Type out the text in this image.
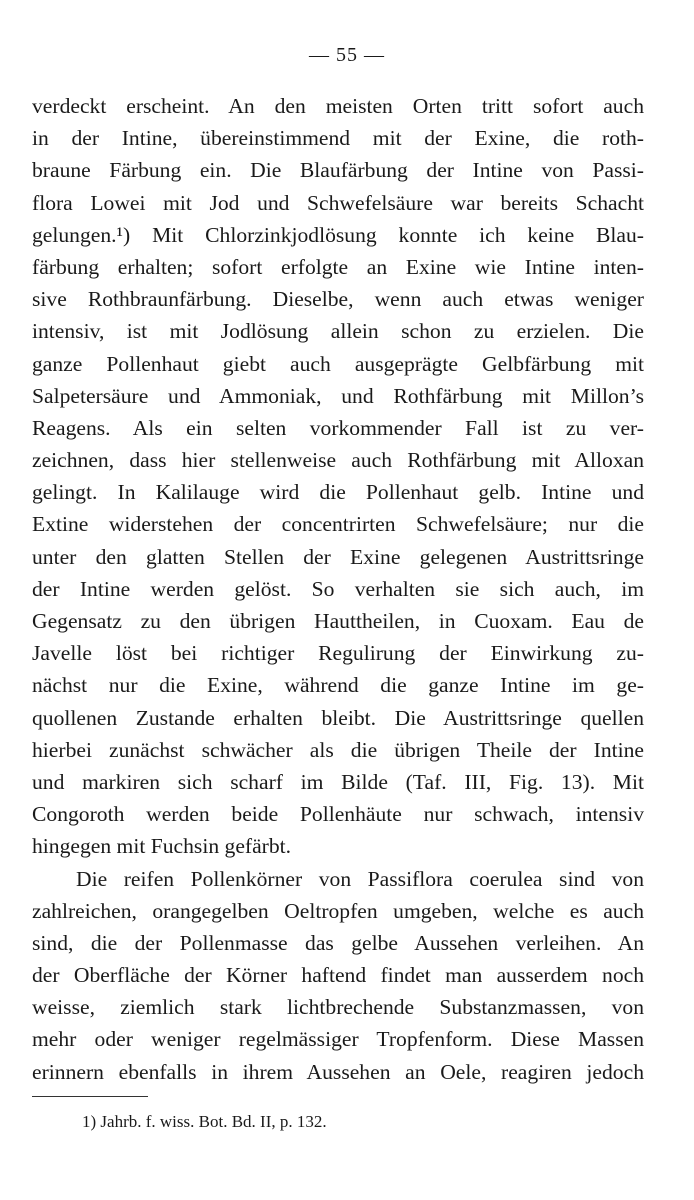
— 55 —
verdeckt erscheint. An den meisten Orten tritt sofort auch
in der Intine, übereinstimmend mit der Exine, die roth-
braune Färbung ein. Die Blaufärbung der Intine von Passi-
flora Lowei mit Jod und Schwefelsäure war bereits Schacht
gelungen.¹) Mit Chlorzinkjodlösung konnte ich keine Blau-
färbung erhalten; sofort erfolgte an Exine wie Intine inten-
sive Rothbraunfärbung. Dieselbe, wenn auch etwas weniger
intensiv, ist mit Jodlösung allein schon zu erzielen. Die
ganze Pollenhaut giebt auch ausgeprägte Gelbfärbung mit
Salpetersäure und Ammoniak, und Rothfärbung mit Millon’s
Reagens. Als ein selten vorkommender Fall ist zu ver-
zeichnen, dass hier stellenweise auch Rothfärbung mit Alloxan
gelingt. In Kalilauge wird die Pollenhaut gelb. Intine und
Extine widerstehen der concentrirten Schwefelsäure; nur die
unter den glatten Stellen der Exine gelegenen Austrittsringe
der Intine werden gelöst. So verhalten sie sich auch, im
Gegensatz zu den übrigen Hauttheilen, in Cuoxam. Eau de
Javelle löst bei richtiger Regulirung der Einwirkung zu-
nächst nur die Exine, während die ganze Intine im ge-
quollenen Zustande erhalten bleibt. Die Austrittsringe quellen
hierbei zunächst schwächer als die übrigen Theile der Intine
und markiren sich scharf im Bilde (Taf. III, Fig. 13). Mit
Congoroth werden beide Pollenhäute nur schwach, intensiv
hingegen mit Fuchsin gefärbt.
Die reifen Pollenkörner von Passiflora coerulea sind von
zahlreichen, orangegelben Oeltropfen umgeben, welche es auch
sind, die der Pollenmasse das gelbe Aussehen verleihen. An
der Oberfläche der Körner haftend findet man ausserdem noch
weisse, ziemlich stark lichtbrechende Substanzmassen, von
mehr oder weniger regelmässiger Tropfenform. Diese Massen
erinnern ebenfalls in ihrem Aussehen an Oele, reagiren jedoch
1) Jahrb. f. wiss. Bot. Bd. II, p. 132.
